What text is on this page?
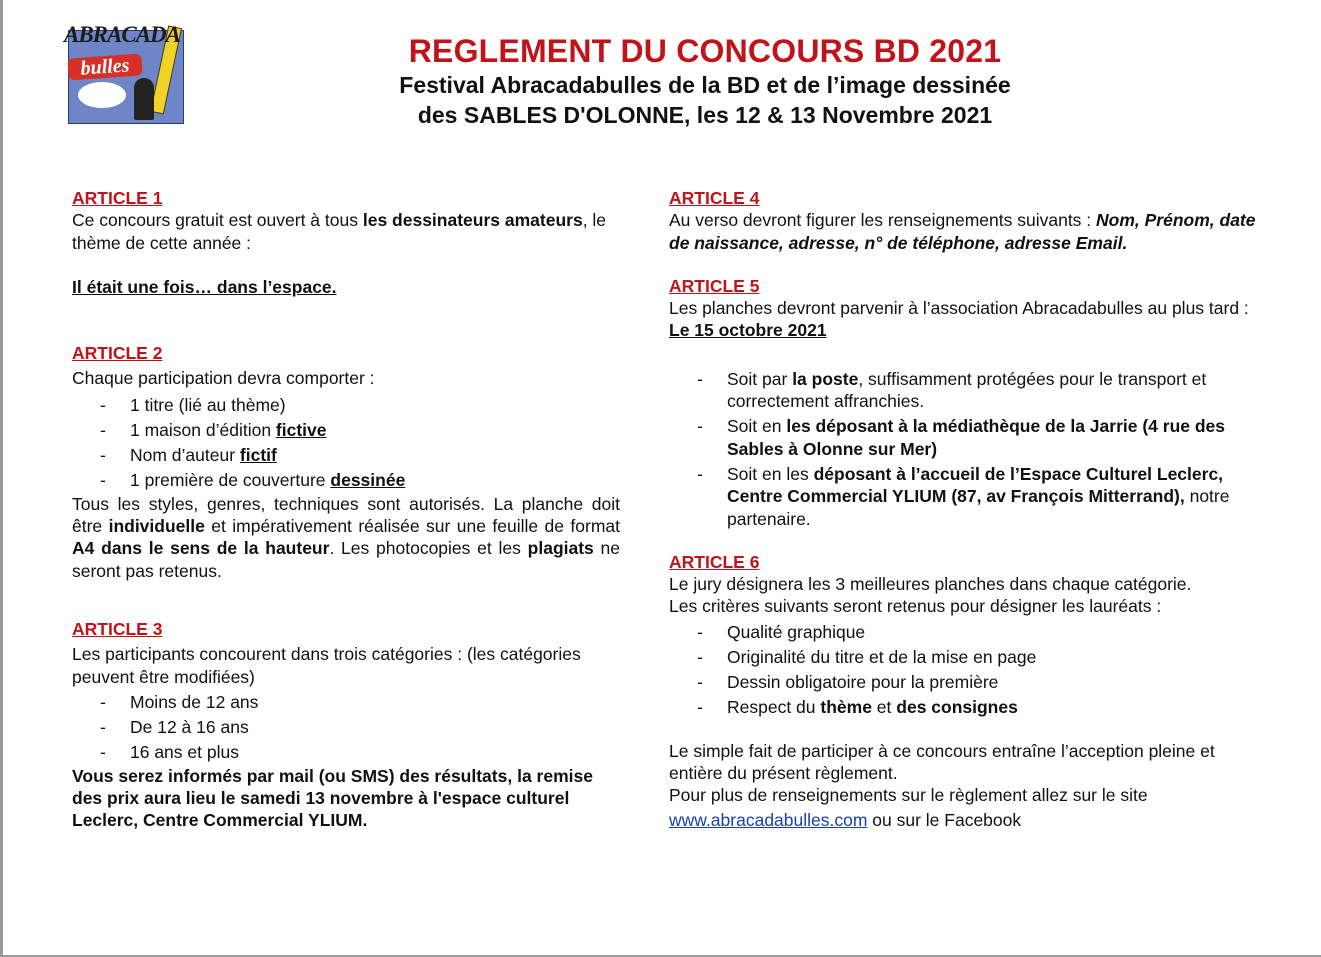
ABRACADA
bulles	REGLEMENT DU CONCOURS BD 2021
Festival Abracadabulles de la BD et de l’image dessinée
des SABLES D'OLONNE, les 12 & 13 Novembre 2021
ARTICLE 1

Ce concours gratuit est ouvert à tous les dessinateurs amateurs, le thème de cette année :

Il était une fois… dans l’espace.

ARTICLE 2

Chaque participation devra comporter :

- 1 titre (lié au thème)
- 1 maison d’édition fictive
- Nom d’auteur fictif
- 1 première de couverture dessinée

Tous les styles, genres, techniques sont autorisés. La planche doit être individuelle et impérativement réalisée sur une feuille de format A4 dans le sens de la hauteur. Les photocopies et les plagiats ne seront pas retenus.

ARTICLE 3

Les participants concourent dans trois catégories : (les catégories peuvent être modifiées)

- Moins de 12 ans
- De 12 à 16 ans
- 16 ans et plus

Vous serez informés par mail (ou SMS) des résultats, la remise des prix aura lieu le samedi 13 novembre à l'espace culturel Leclerc, Centre Commercial YLIUM.

ARTICLE 4

Au verso devront figurer les renseignements suivants : Nom, Prénom, date de naissance, adresse, n° de téléphone, adresse Email.

ARTICLE 5

Les planches devront parvenir à l’association Abracadabulles au plus tard : Le 15 octobre 2021

- Soit par la poste, suffisamment protégées pour le transport et correctement affranchies.
- Soit en les déposant à la médiathèque de la Jarrie (4 rue des Sables à Olonne sur Mer)
- Soit en les déposant à l’accueil de l’Espace Culturel Leclerc, Centre Commercial YLIUM (87, av François Mitterrand), notre partenaire.
ARTICLE 6

Le jury désignera les 3 meilleures planches dans chaque catégorie.

Les critères suivants seront retenus pour désigner les lauréats :

- Qualité graphique
- Originalité du titre et de la mise en page
- Dessin obligatoire pour la première
- Respect du thème et des consignes

Le simple fait de participer à ce concours entraîne l’acception pleine et entière du présent règlement.

Pour plus de renseignements sur le règlement allez sur le site

www.abracadabulles.com ou sur le Facebook
